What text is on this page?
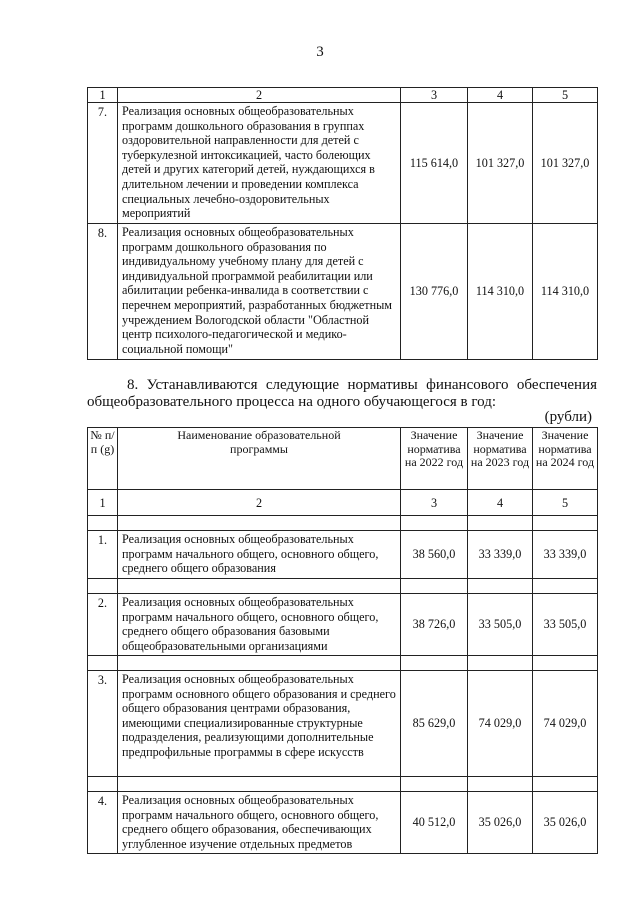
3
1	2	3	4	5
7.	Реализация основных общеобразовательных программ дошкольного образования в группах оздоровительной направленности для детей с туберкулезной интоксикацией, часто болеющих детей и других категорий детей, нуждающихся в длительном лечении и проведении комплекса специальных лечебно-оздоровительных мероприятий	115 614,0	101 327,0	101 327,0
8.	Реализация основных общеобразовательных программ дошкольного образования по индивидуальному учебному плану для детей с индивидуальной программой реабилитации или абилитации ребенка-инвалида в соответствии с перечнем мероприятий, разработанных бюджетным учреждением Вологодской области "Областной центр психолого-педагогической и медико-социальной помощи"	130 776,0	114 310,0	114 310,0
8. Устанавливаются следующие нормативы финансового обеспечения
общеобразовательного процесса на одного обучающегося в год:
(рубли)
№ п/п (g)	Наименование образовательной программы	Значение норматива на 2022 год	Значение норматива на 2023 год	Значение норматива на 2024 год
1	2	3	4	5

1.	Реализация основных общеобразовательных программ начального общего, основного общего, среднего общего образования	38 560,0	33 339,0	33 339,0

2.	Реализация основных общеобразовательных программ начального общего, основного общего, среднего общего образования базовыми общеобразовательными организациями	38 726,0	33 505,0	33 505,0

3.	Реализация основных общеобразовательных программ основного общего образования и среднего общего образования центрами образования, имеющими специализированные структурные подразделения, реализующими дополнительные предпрофильные программы в сфере искусств	85 629,0	74 029,0	74 029,0

4.	Реализация основных общеобразовательных программ начального общего, основного общего, среднего общего образования, обеспечивающих углубленное изучение отдельных предметов	40 512,0	35 026,0	35 026,0
